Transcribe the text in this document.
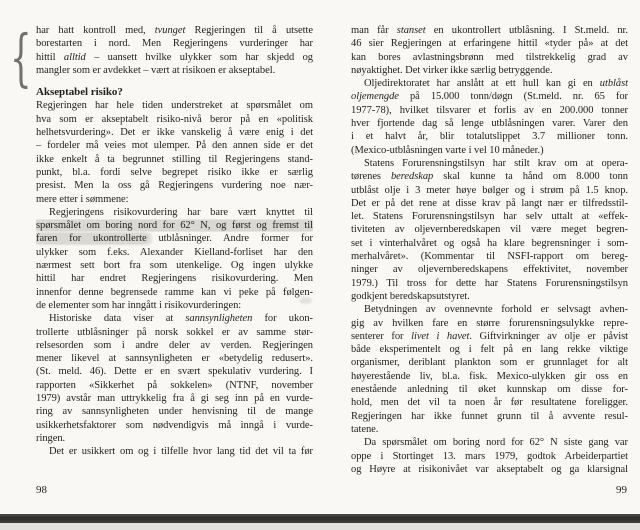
{ har hatt kontroll med, tvunget Regjeringen til å utsette
borestarten i nord. Men Regjeringens vurderinger har
hittil alltid – uansett hvilke ulykker som har skjedd og
mangler som er avdekket – vært at risikoen er akseptabel.
Akseptabel risiko?
Regjeringen har hele tiden understreket at spørsmålet om
hva som er akseptabelt risiko-nivå beror på en «politisk
helhetsvurdering». Det er ikke vanskelig å være enig i det
– fordeler må veies mot ulemper. På den annen side er det
ikke enkelt å ta begrunnet stilling til Regjeringens stand-
punkt, bl.a. fordi selve begrepet risiko ikke er særlig
presist. Men la oss gå Regjeringens vurdering noe nær-
mere etter i sømmene:
Regjeringens risikovurdering har bare vært knyttet til
spørsmålet om boring nord for 62° N, og først og fremst til
faren for ukontrollerte utblåsninger. Andre former for
ulykker som f.eks. Alexander Kielland-forliset har den
nærmest sett bort fra som utenkelige. Og ingen ulykke
hittil har endret Regjeringens risikovurdering. Men
innenfor denne begrensede ramme kan vi peke på følgen-
de elementer som har inngått i risikovurderingen:
Historiske data viser at sannsynligheten for ukon-
trollerte utblåsninger på norsk sokkel er av samme stør-
relsesorden som i andre deler av verden. Regjeringen
mener likevel at sannsynligheten er «betydelig redusert».
(St. meld. 46). Dette er en svært spekulativ vurdering. I
rapporten «Sikkerhet på sokkelen» (NTNF, november
1979) avstår man uttrykkelig fra å gi seg inn på en vurde-
ring av sannsynligheten under henvisning til de mange
usikkerhetsfaktorer som nødvendigvis må inngå i vurde-
ringen.
Det er usikkert om og i tilfelle hvor lang tid det vil ta før
man får stanset en ukontrollert utblåsning. I St.meld. nr.
46 sier Regjeringen at erfaringene hittil «tyder på» at det
kan bores avlastningsbrønn med tilstrekkelig grad av
nøyaktighet. Det virker ikke særlig betryggende.
Oljedirektoratet har anslått at ett hull kan gi en utblåst
oljemengde på 15.000 tonn/døgn (St.meld. nr. 65 for
1977-78), hvilket tilsvarer et forlis av en 200.000 tonner
hver fjortende dag så lenge utblåsningen varer. Varer den
i et halvt år, blir totalutslippet 3.7 millioner tonn.
(Mexico-utblåsningen varte i vel 10 måneder.)
Statens Forurensningstilsyn har stilt krav om at opera-
tørenes beredskap skal kunne ta hånd om 8.000 tonn
utblåst olje i 3 meter høye bølger og i strøm på 1.5 knop.
Det er på det rene at disse krav på langt nær er tilfredsstil-
let. Statens Forurensningstilsyn har selv uttalt at «effek-
tiviteten av oljevernberedskapen vil være meget begren-
set i vinterhalvåret og også ha klare begrensninger i som-
merhalvåret». (Kommentar til NSFI-rapport om bereg-
ninger av oljevernberedskapens effektivitet, november
1979.) Til tross for dette har Statens Forurensningstilsyn
godkjent beredskapsutstyret.
Betydningen av ovennevnte forhold er selvsagt avhen-
gig av hvilken fare en større forurensningsulykke repre-
senterer for livet i havet. Giftvirkninger av olje er påvist
både eksperimentelt og i felt på en lang rekke viktige
organismer, deriblant plankton som er grunnlaget for alt
høyerestående liv, bl.a. fisk. Mexico-ulykken gir oss en
enestående anledning til øket kunnskap om disse for-
hold, men det vil ta noen år før resultatene foreligger.
Regjeringen har ikke funnet grunn til å avvente resul-
tatene.
Da spørsmålet om boring nord for 62° N siste gang var
oppe i Stortinget 13. mars 1979, godtok Arbeiderpartiet
og Høyre at risikonivået var akseptabelt og ga klarsignal
98	99
